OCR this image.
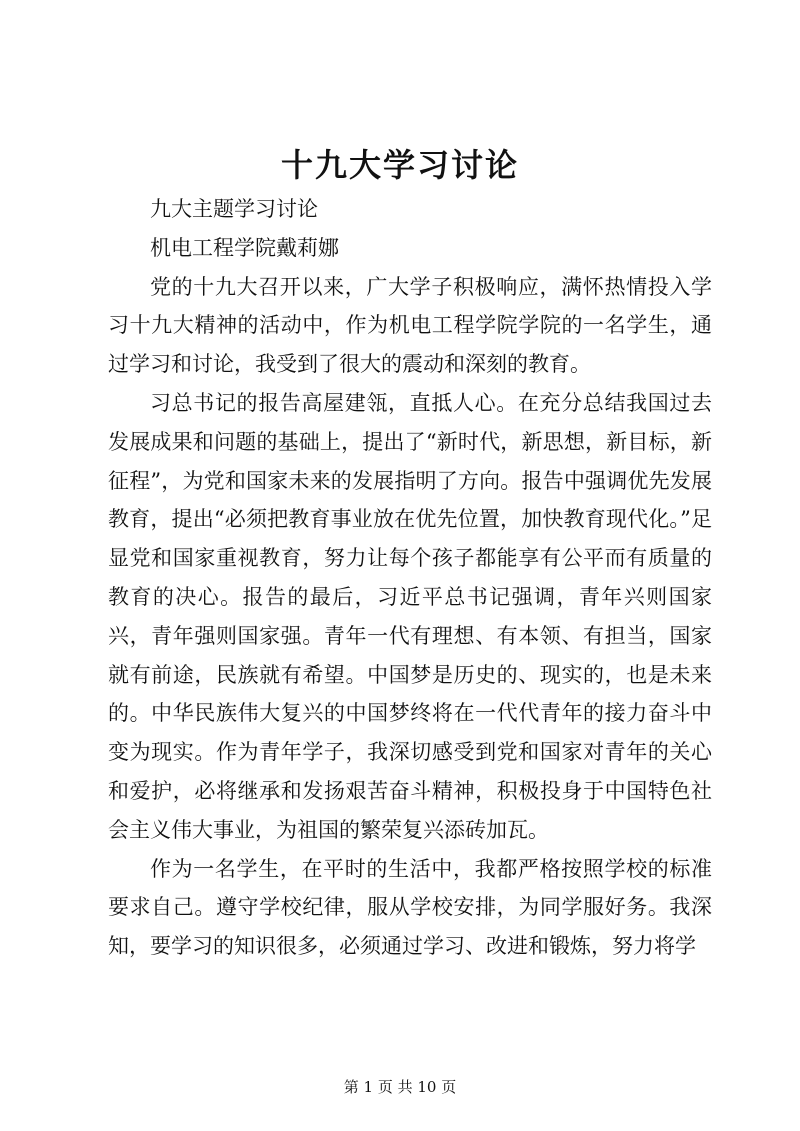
十九大学习讨论

九大主题学习讨论

机电工程学院戴莉娜

党的十九大召开以来，广大学子积极响应，满怀热情投入学习十九大精神的活动中，作为机电工程学院学院的一名学生，通过学习和讨论，我受到了很大的震动和深刻的教育。

习总书记的报告高屋建瓴，直抵人心。在充分总结我国过去发展成果和问题的基础上，提出了“新时代，新思想，新目标，新征程”，为党和国家未来的发展指明了方向。报告中强调优先发展教育，提出“必须把教育事业放在优先位置，加快教育现代化。”足显党和国家重视教育，努力让每个孩子都能享有公平而有质量的教育的决心。报告的最后，习近平总书记强调，青年兴则国家兴，青年强则国家强。青年一代有理想、有本领、有担当，国家就有前途，民族就有希望。中国梦是历史的、现实的，也是未来的。中华民族伟大复兴的中国梦终将在一代代青年的接力奋斗中变为现实。作为青年学子，我深切感受到党和国家对青年的关心和爱护，必将继承和发扬艰苦奋斗精神，积极投身于中国特色社会主义伟大事业，为祖国的繁荣复兴添砖加瓦。

作为一名学生，在平时的生活中，我都严格按照学校的标准要求自己。遵守学校纪律，服从学校安排，为同学服好务。我深知，要学习的知识很多，必须通过学习、改进和锻炼，努力将学

第 1 页 共 10 页
